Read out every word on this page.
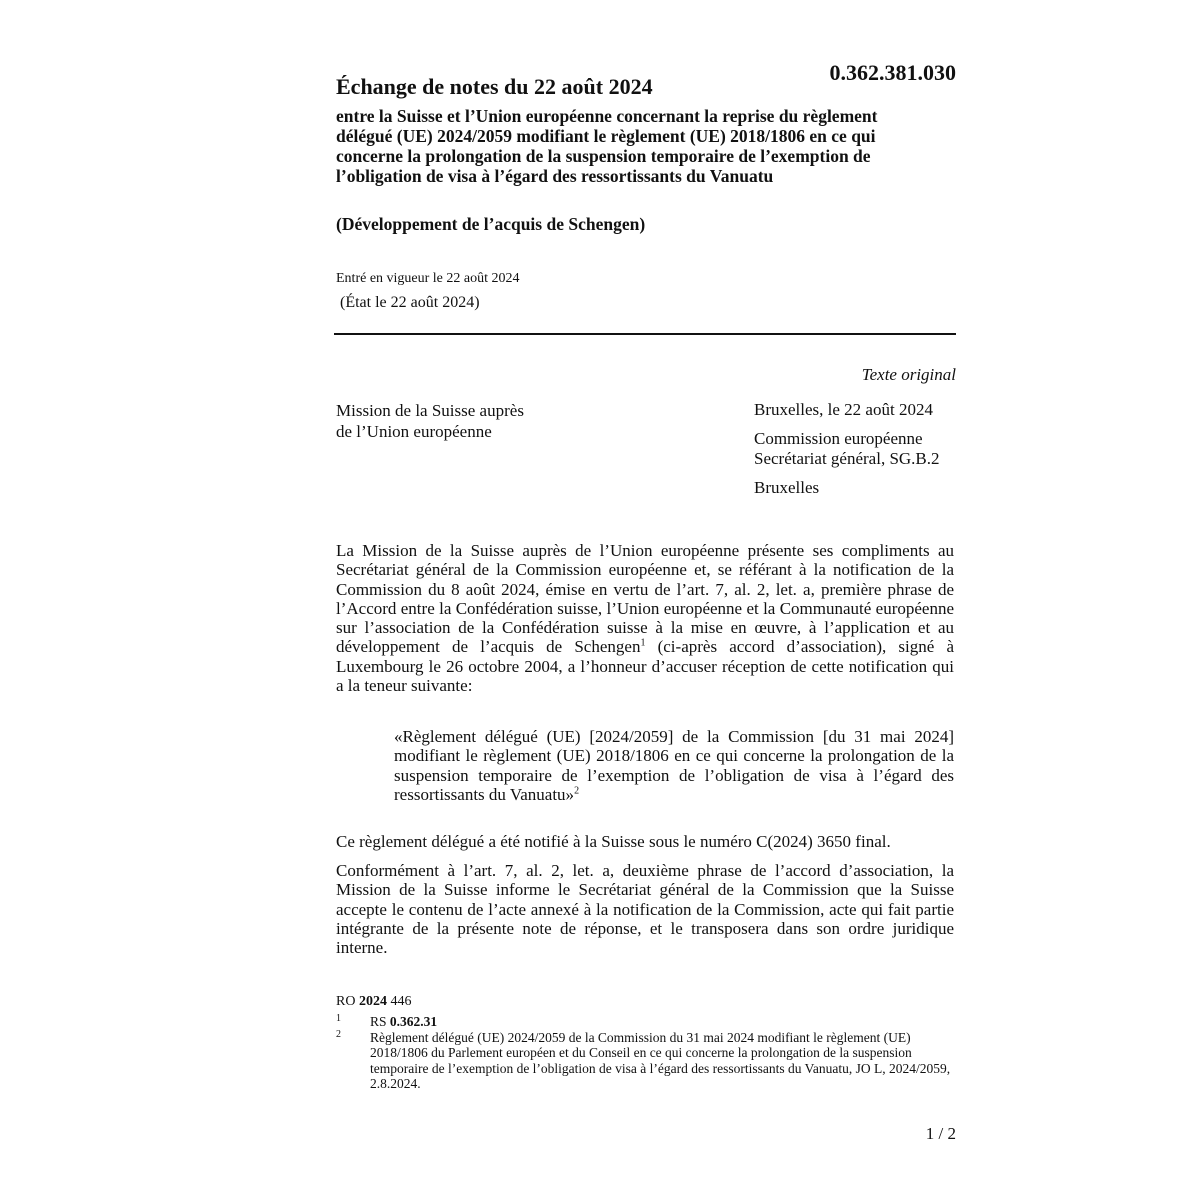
0.362.381.030
Échange de notes du 22 août 2024

entre la Suisse et l’Union européenne concernant la reprise du règlement délégué (UE) 2024/2059 modifiant le règlement (UE) 2018/1806 en ce qui concerne la prolongation de la suspension temporaire de l’exemption de l’obligation de visa à l’égard des ressortissants du Vanuatu

(Développement de l’acquis de Schengen)

Entré en vigueur le 22 août 2024
(État le 22 août 2024)
Texte original
Mission de la Suisse auprès
de l’Union européenne
Bruxelles, le 22 août 2024
Commission européenne
Secrétariat général, SG.B.2
Bruxelles
La Mission de la Suisse auprès de l’Union européenne présente ses compliments au Secrétariat général de la Commission européenne et, se référant à la notification de la Commission du 8 août 2024, émise en vertu de l’art. 7, al. 2, let. a, première phrase de l’Accord entre la Confédération suisse, l’Union européenne et la Communauté européenne sur l’association de la Confédération suisse à la mise en œuvre, à l’application et au développement de l’acquis de Schengen$^1$ (ci-après accord d’association), signé à Luxembourg le 26 octobre 2004, a l’honneur d’accuser réception de cette notification qui a la teneur suivante:
«Règlement délégué (UE) [2024/2059] de la Commission [du 31 mai 2024] modifiant le règlement (UE) 2018/1806 en ce qui concerne la prolongation de la suspension temporaire de l’exemption de l’obligation de visa à l’égard des ressortissants du Vanuatu»$^2$
Ce règlement délégué a été notifié à la Suisse sous le numéro C(2024) 3650 final.
Conformément à l’art. 7, al. 2, let. a, deuxième phrase de l’accord d’association, la Mission de la Suisse informe le Secrétariat général de la Commission que la Suisse accepte le contenu de l’acte annexé à la notification de la Commission, acte qui fait partie intégrante de la présente note de réponse, et le transposera dans son ordre juridique interne.
RO 2024 446
1 RS 0.362.31
2 Règlement délégué (UE) 2024/2059 de la Commission du 31 mai 2024 modifiant le règlement (UE) 2018/1806 du Parlement européen et du Conseil en ce qui concerne la prolongation de la suspension temporaire de l’exemption de l’obligation de visa à l’égard des ressortissants du Vanuatu, JO L, 2024/2059, 2.8.2024.
1 / 2
